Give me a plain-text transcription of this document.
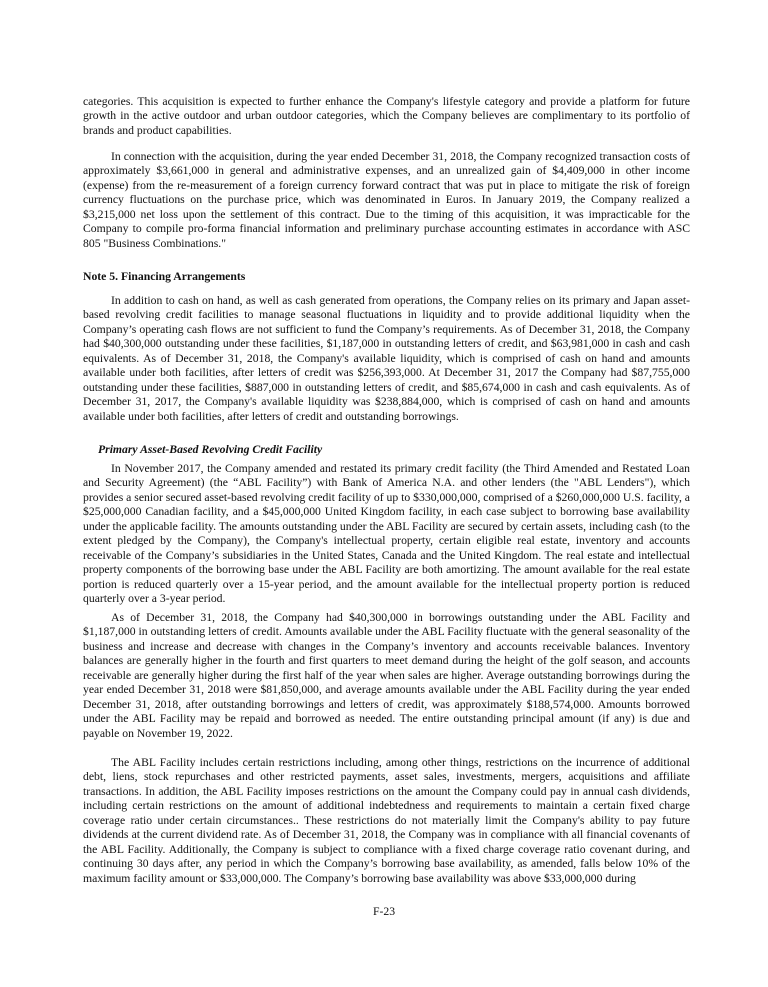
categories. This acquisition is expected to further enhance the Company's lifestyle category and provide a platform for future growth in the active outdoor and urban outdoor categories, which the Company believes are complimentary to its portfolio of brands and product capabilities.

In connection with the acquisition, during the year ended December 31, 2018, the Company recognized transaction costs of approximately $3,661,000 in general and administrative expenses, and an unrealized gain of $4,409,000 in other income (expense) from the re-measurement of a foreign currency forward contract that was put in place to mitigate the risk of foreign currency fluctuations on the purchase price, which was denominated in Euros. In January 2019, the Company realized a $3,215,000 net loss upon the settlement of this contract. Due to the timing of this acquisition, it was impracticable for the Company to compile pro-forma financial information and preliminary purchase accounting estimates in accordance with ASC 805 "Business Combinations."

Note 5. Financing Arrangements

In addition to cash on hand, as well as cash generated from operations, the Company relies on its primary and Japan asset-based revolving credit facilities to manage seasonal fluctuations in liquidity and to provide additional liquidity when the Company’s operating cash flows are not sufficient to fund the Company’s requirements. As of December 31, 2018, the Company had $40,300,000 outstanding under these facilities, $1,187,000 in outstanding letters of credit, and $63,981,000 in cash and cash equivalents. As of December 31, 2018, the Company's available liquidity, which is comprised of cash on hand and amounts available under both facilities, after letters of credit was $256,393,000. At December 31, 2017 the Company had $87,755,000 outstanding under these facilities, $887,000 in outstanding letters of credit, and $85,674,000 in cash and cash equivalents. As of December 31, 2017, the Company's available liquidity was $238,884,000, which is comprised of cash on hand and amounts available under both facilities, after letters of credit and outstanding borrowings.

Primary Asset-Based Revolving Credit Facility

In November 2017, the Company amended and restated its primary credit facility (the Third Amended and Restated Loan and Security Agreement) (the “ABL Facility”) with Bank of America N.A. and other lenders (the "ABL Lenders"), which provides a senior secured asset-based revolving credit facility of up to $330,000,000, comprised of a $260,000,000 U.S. facility, a $25,000,000 Canadian facility, and a $45,000,000 United Kingdom facility, in each case subject to borrowing base availability under the applicable facility. The amounts outstanding under the ABL Facility are secured by certain assets, including cash (to the extent pledged by the Company), the Company's intellectual property, certain eligible real estate, inventory and accounts receivable of the Company’s subsidiaries in the United States, Canada and the United Kingdom. The real estate and intellectual property components of the borrowing base under the ABL Facility are both amortizing. The amount available for the real estate portion is reduced quarterly over a 15-year period, and the amount available for the intellectual property portion is reduced quarterly over a 3-year period.

As of December 31, 2018, the Company had $40,300,000 in borrowings outstanding under the ABL Facility and $1,187,000 in outstanding letters of credit. Amounts available under the ABL Facility fluctuate with the general seasonality of the business and increase and decrease with changes in the Company’s inventory and accounts receivable balances. Inventory balances are generally higher in the fourth and first quarters to meet demand during the height of the golf season, and accounts receivable are generally higher during the first half of the year when sales are higher. Average outstanding borrowings during the year ended December 31, 2018 were $81,850,000, and average amounts available under the ABL Facility during the year ended December 31, 2018, after outstanding borrowings and letters of credit, was approximately $188,574,000. Amounts borrowed under the ABL Facility may be repaid and borrowed as needed. The entire outstanding principal amount (if any) is due and payable on November 19, 2022.

The ABL Facility includes certain restrictions including, among other things, restrictions on the incurrence of additional debt, liens, stock repurchases and other restricted payments, asset sales, investments, mergers, acquisitions and affiliate transactions. In addition, the ABL Facility imposes restrictions on the amount the Company could pay in annual cash dividends, including certain restrictions on the amount of additional indebtedness and requirements to maintain a certain fixed charge coverage ratio under certain circumstances.. These restrictions do not materially limit the Company's ability to pay future dividends at the current dividend rate. As of December 31, 2018, the Company was in compliance with all financial covenants of the ABL Facility. Additionally, the Company is subject to compliance with a fixed charge coverage ratio covenant during, and continuing 30 days after, any period in which the Company’s borrowing base availability, as amended, falls below 10% of the maximum facility amount or $33,000,000. The Company’s borrowing base availability was above $33,000,000 during

F-23
